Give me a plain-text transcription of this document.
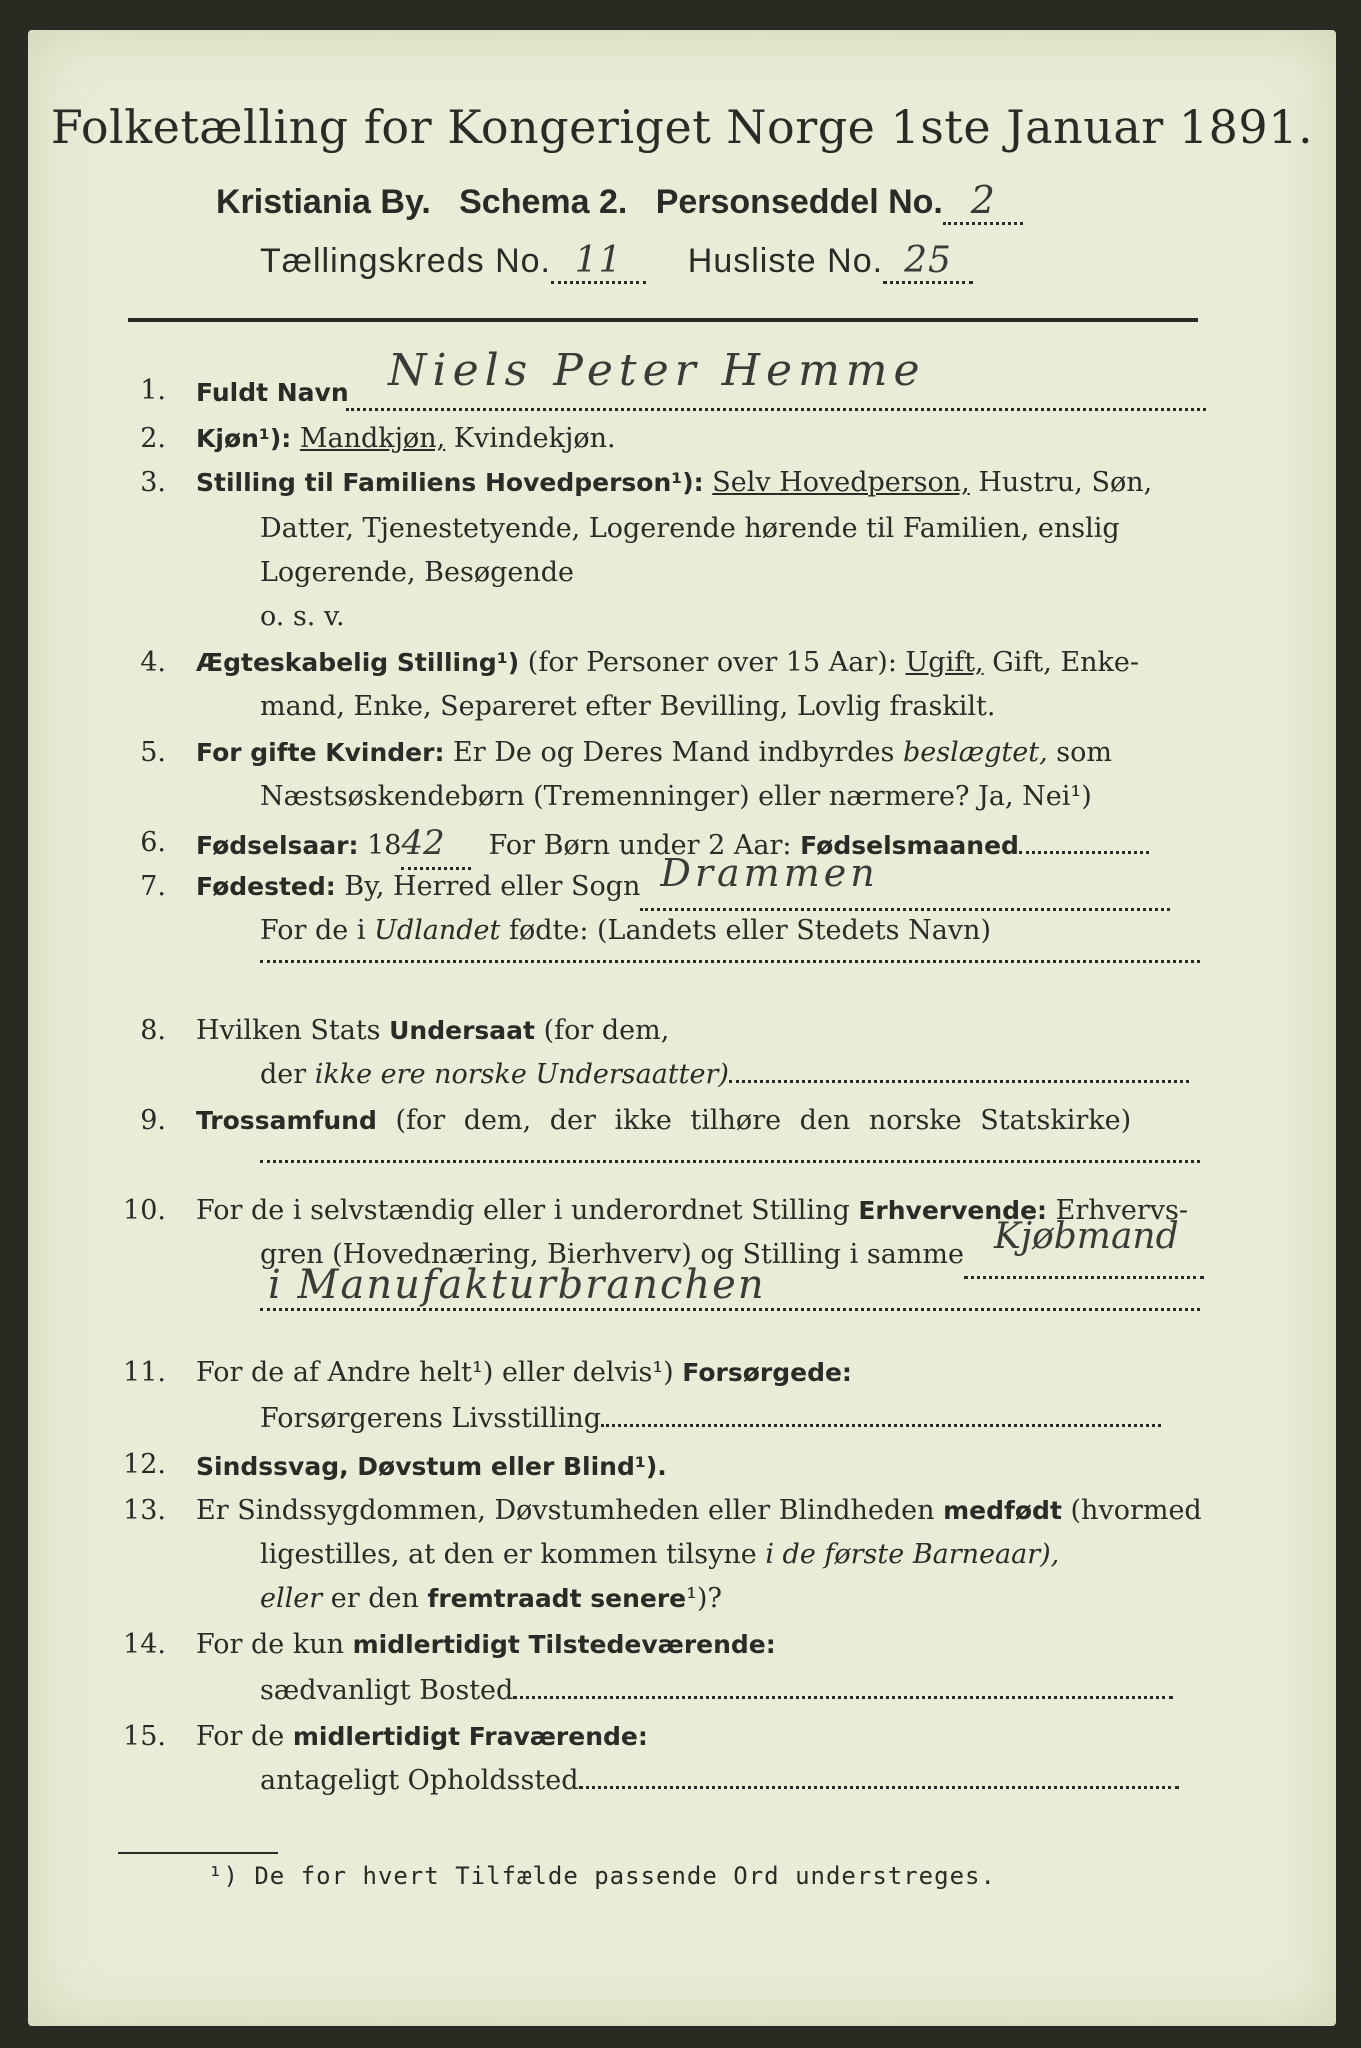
Folketælling for Kongeriget Norge 1ste Januar 1891.
Kristiania By. Schema 2. Personseddel No. 2
Tællingskreds No. 11 Husliste No. 25
1. Fuldt Navn Niels Peter Hemme
2. Kjøn¹): Mandkjøn, Kvindekjøn.
3. Stilling til Familiens Hovedperson¹): Selv Hovedperson, Hustru, Søn,
Datter, Tjenestetyende, Logerende hørende til Familien, enslig
Logerende, Besøgende
o. s. v.
4. Ægteskabelig Stilling¹) (for Personer over 15 Aar): Ugift, Gift, Enke-
mand, Enke, Separeret efter Bevilling, Lovlig fraskilt.
5. For gifte Kvinder: Er De og Deres Mand indbyrdes beslægtet, som
Næstsøskendebørn (Tremenninger) eller nærmere? Ja, Nei¹)
6. Fødselsaar: 1842 For Børn under 2 Aar: Fødselsmaaned
7. Fødested: By, Herred eller Sogn Drammen

For de i Udlandet fødte: (Landets eller Stedets Navn)
8. Hvilken Stats Undersaat (for dem,
der ikke ere norske Undersaatter)
9. Trossamfund (for dem, der ikke tilhøre den norske Statskirke)
10. For de i selvstændig eller i underordnet Stilling Erhvervende: Erhvervs-
gren (Hovednæring, Bierhverv) og Stilling i samme Kjøbmand

i Manufakturbranchen
11. For de af Andre helt¹) eller delvis¹) Forsørgede:
Forsørgerens Livsstilling
12. Sindssvag, Døvstum eller Blind¹).
13. Er Sindssygdommen, Døvstumheden eller Blindheden medfødt (hvormed
ligestilles, at den er kommen tilsyne i de første Barneaar),
eller er den fremtraadt senere¹)?
14. For de kun midlertidigt Tilstedeværende:
sædvanligt Bosted
15. For de midlertidigt Fraværende:
antageligt Opholdssted
¹) De for hvert Tilfælde passende Ord understreges.
